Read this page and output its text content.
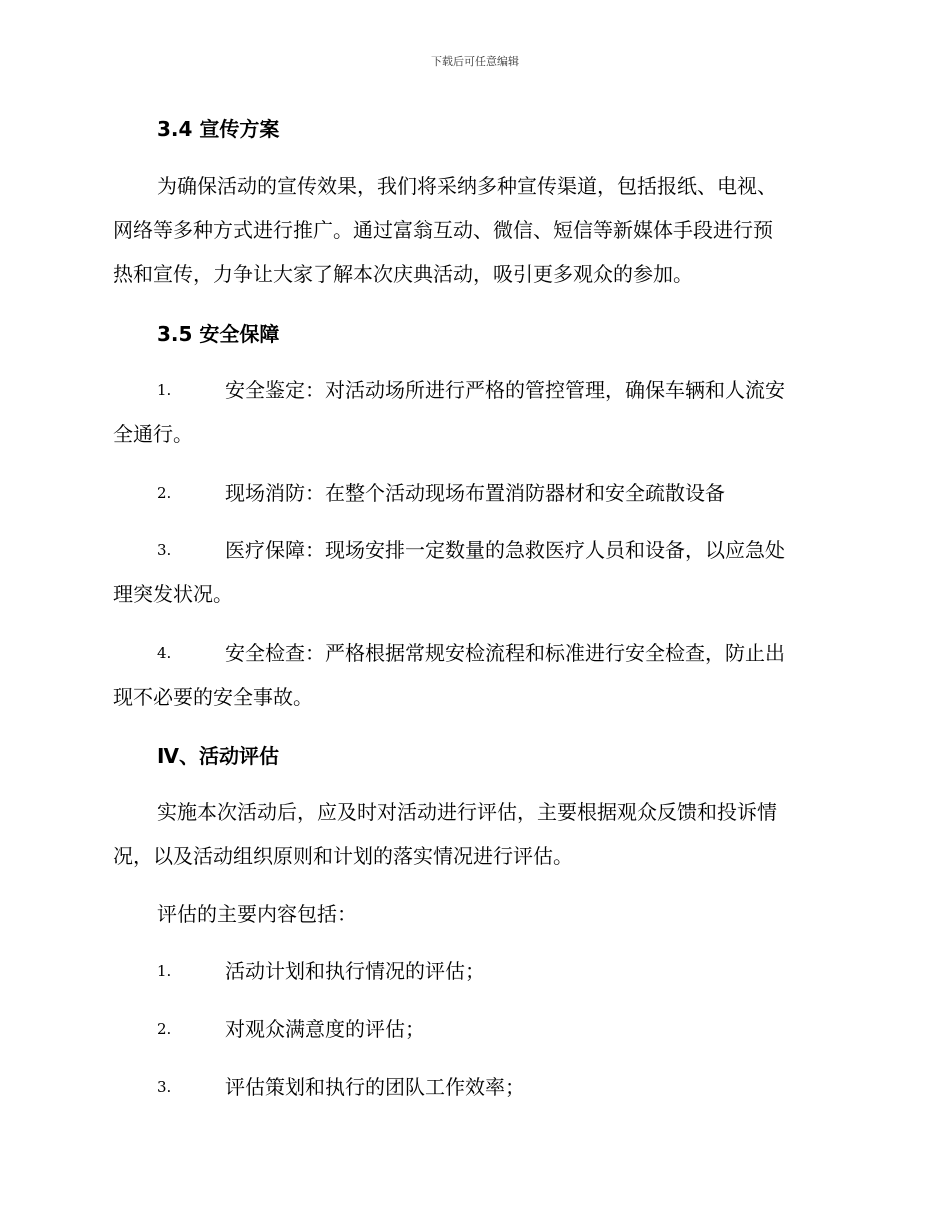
下载后可任意编辑
3.4 宣传方案
为确保活动的宣传效果，我们将采纳多种宣传渠道，包括报纸、电视、
网络等多种方式进行推广。通过富翁互动、微信、短信等新媒体手段进行预
热和宣传，力争让大家了解本次庆典活动，吸引更多观众的参加。
3.5 安全保障
1.	安全鉴定：对活动场所进行严格的管控管理，确保车辆和人流安
全通行。
2.	现场消防：在整个活动现场布置消防器材和安全疏散设备
3.	医疗保障：现场安排一定数量的急救医疗人员和设备，以应急处
理突发状况。
4.	安全检查：严格根据常规安检流程和标准进行安全检查，防止出
现不必要的安全事故。
Ⅳ、活动评估
实施本次活动后，应及时对活动进行评估，主要根据观众反馈和投诉情
况，以及活动组织原则和计划的落实情况进行评估。
评估的主要内容包括：
1.	活动计划和执行情况的评估；
2.	对观众满意度的评估；
3.	评估策划和执行的团队工作效率；
